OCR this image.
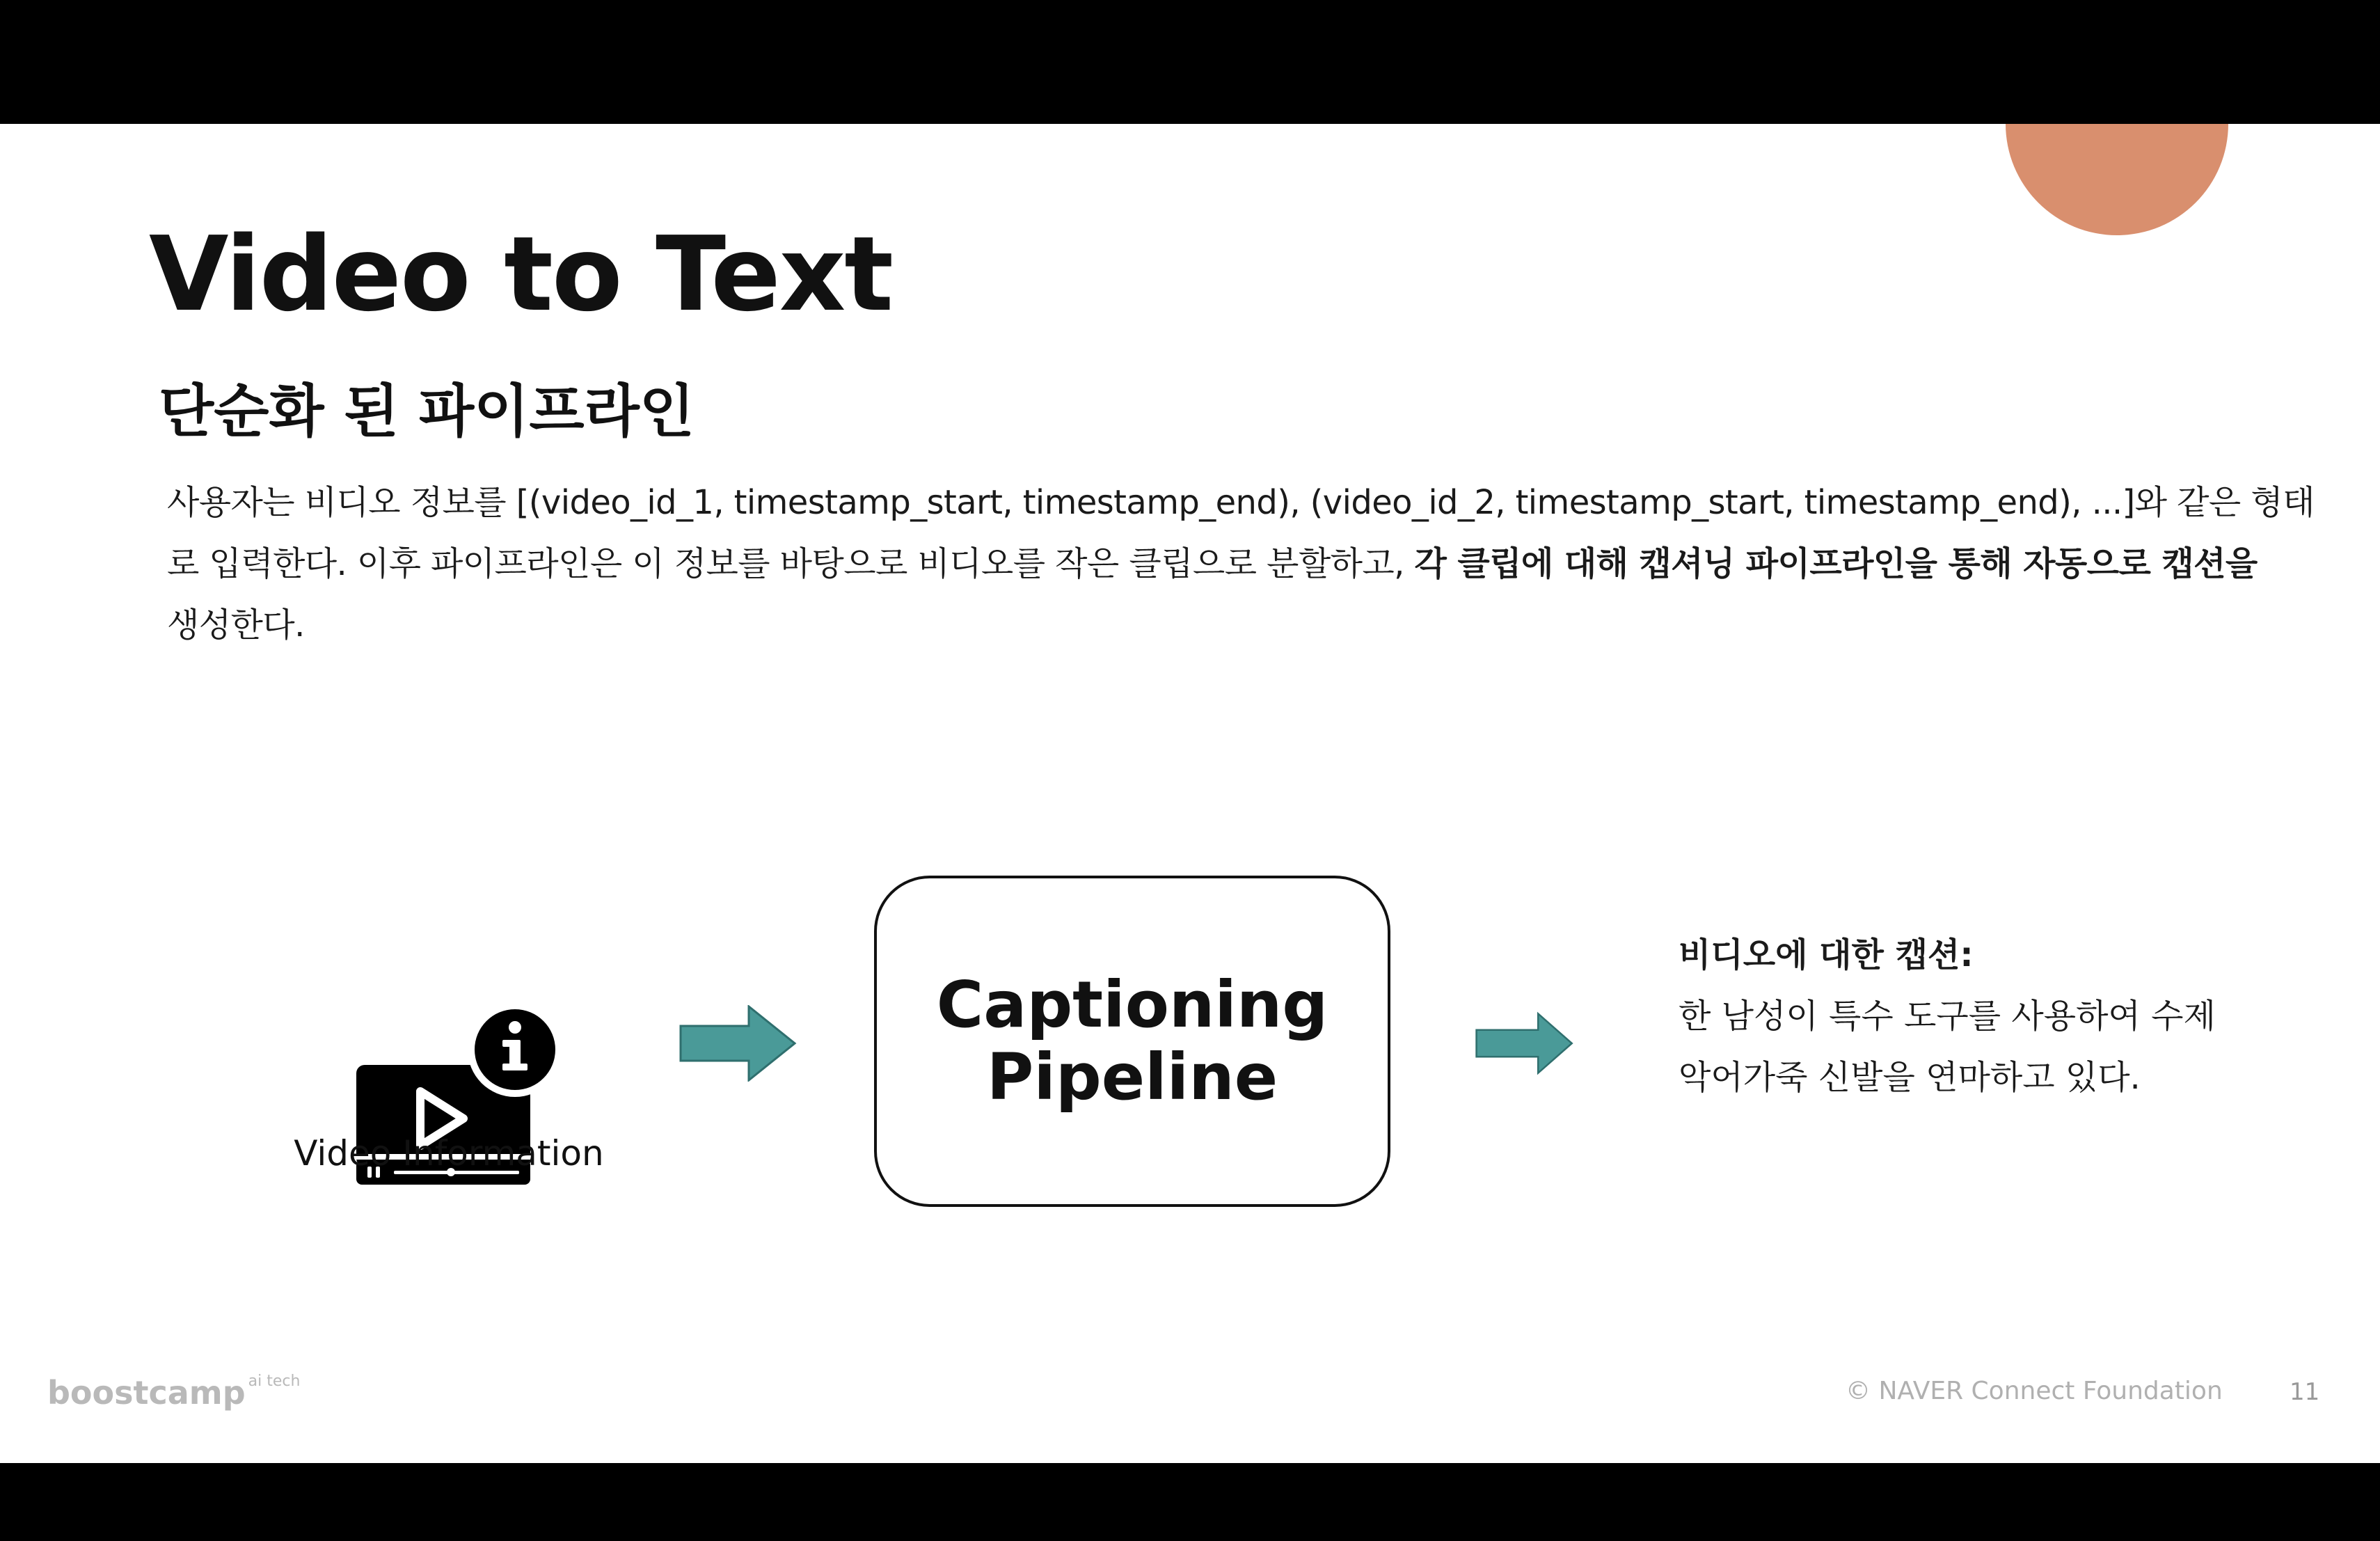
Video to Text
단순화 된 파이프라인
사용자는 비디오 정보를 [(video_id_1, timestamp_start, timestamp_end), (video_id_2, timestamp_start, timestamp_end), ...]와 같은 형태
로 입력한다. 이후 파이프라인은 이 정보를 바탕으로 비디오를 작은 클립으로 분할하고, 각 클립에 대해 캡셔닝 파이프라인을 통해 자동으로 캡션을
생성한다.
Video Information
Captioning
Pipeline
비디오에 대한 캡션:
한 남성이 특수 도구를 사용하여 수제
악어가죽 신발을 연마하고 있다.
boostcamp $^{ai tech}$	© NAVER Connect Foundation	11
